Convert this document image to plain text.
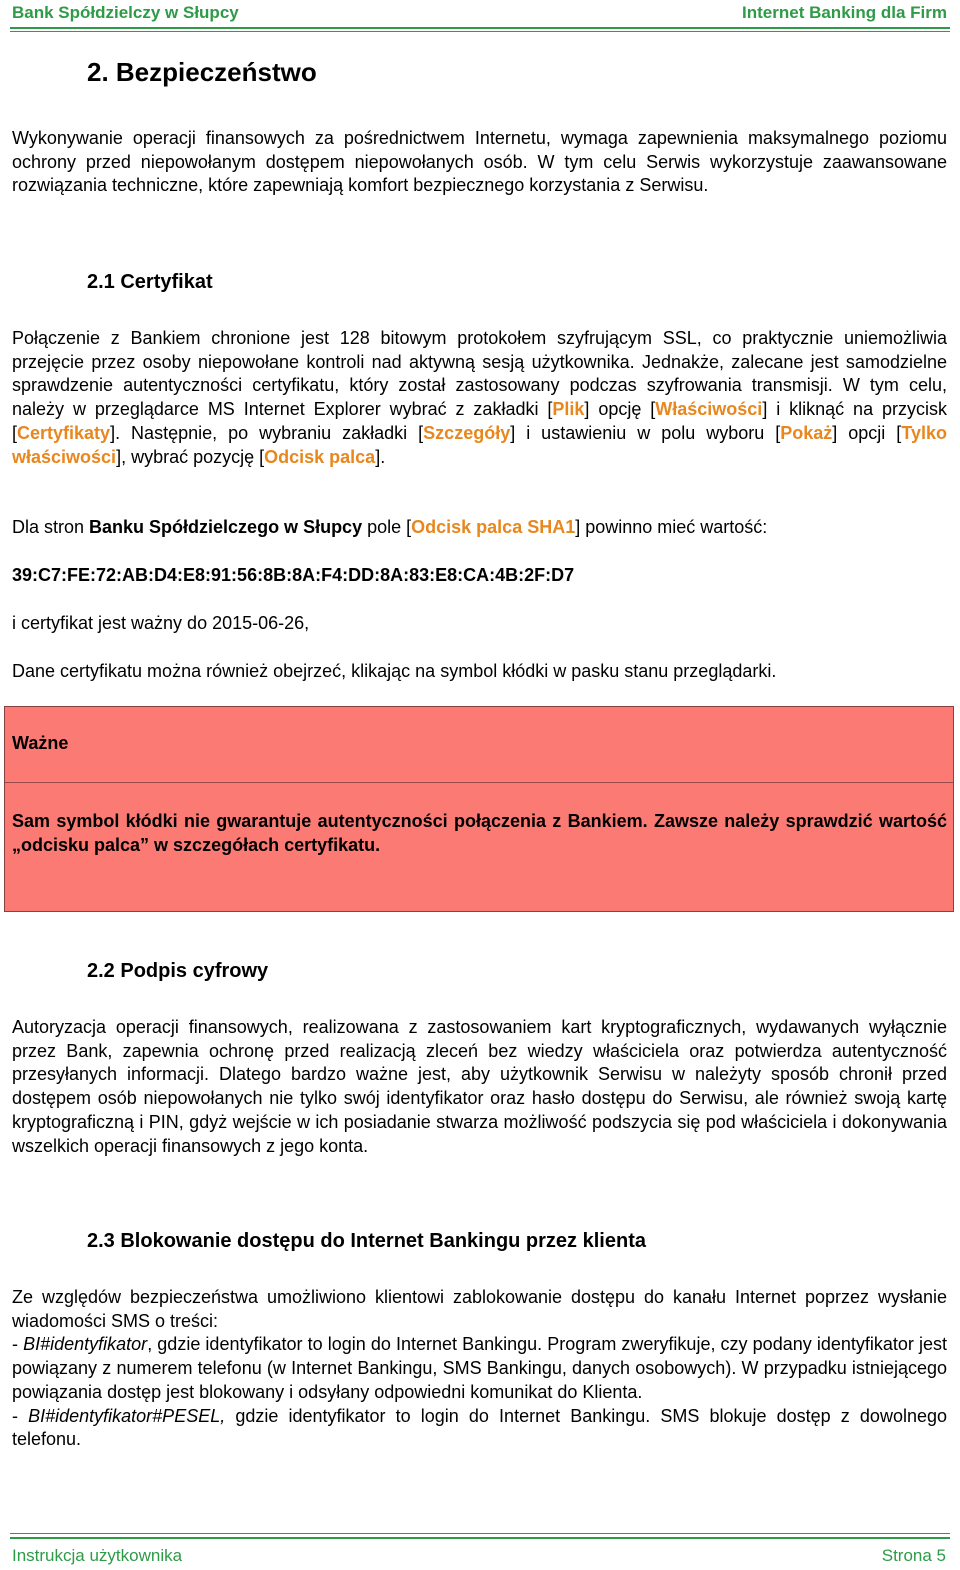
Bank Spółdzielczy w Słupcy	Internet Banking dla Firm
2. Bezpieczeństwo

Wykonywanie operacji finansowych za pośrednictwem Internetu, wymaga zapewnienia maksymalnego poziomu ochrony przed niepowołanym dostępem niepowołanych osób. W tym celu Serwis wykorzystuje zaawansowane rozwiązania techniczne, które zapewniają komfort bezpiecznego korzystania z Serwisu.

2.1 Certyfikat

Połączenie z Bankiem chronione jest 128 bitowym protokołem szyfrującym SSL, co praktycznie uniemożliwia przejęcie przez osoby niepowołane kontroli nad aktywną sesją użytkownika. Jednakże, zalecane jest samodzielne sprawdzenie autentyczności certyfikatu, który został zastosowany podczas szyfrowania transmisji. W tym celu, należy w przeglądarce MS Internet Explorer wybrać z zakładki [Plik] opcję [Właściwości] i kliknąć na przycisk [Certyfikaty]. Następnie, po wybraniu zakładki [Szczegóły] i ustawieniu w polu wyboru [Pokaż] opcji [Tylko właściwości], wybrać pozycję [Odcisk palca].

Dla stron Banku Spółdzielczego w Słupcy pole [Odcisk palca SHA1] powinno mieć wartość:

39:C7:FE:72:AB:D4:E8:91:56:8B:8A:F4:DD:8A:83:E8:CA:4B:2F:D7

i certyfikat jest ważny do 2015-06-26,

Dane certyfikatu można również obejrzeć, klikając na symbol kłódki w pasku stanu przeglądarki.

Ważne

Sam symbol kłódki nie gwarantuje autentyczności połączenia z Bankiem. Zawsze należy sprawdzić wartość „odcisku palca” w szczegółach certyfikatu.

2.2 Podpis cyfrowy

Autoryzacja operacji finansowych, realizowana z zastosowaniem kart kryptograficznych, wydawanych wyłącznie przez Bank, zapewnia ochronę przed realizacją zleceń bez wiedzy właściciela oraz potwierdza autentyczność przesyłanych informacji. Dlatego bardzo ważne jest, aby użytkownik Serwisu w należyty sposób chronił przed dostępem osób niepowołanych nie tylko swój identyfikator oraz hasło dostępu do Serwisu, ale również swoją kartę kryptograficzną i PIN, gdyż wejście w ich posiadanie stwarza możliwość podszycia się pod właściciela i dokonywania wszelkich operacji finansowych z jego konta.

2.3 Blokowanie dostępu do Internet Bankingu przez klienta

Ze względów bezpieczeństwa umożliwiono klientowi zablokowanie dostępu do kanału Internet poprzez wysłanie wiadomości SMS o treści:
- BI#identyfikator, gdzie identyfikator to login do Internet Bankingu. Program zweryfikuje, czy podany identyfikator jest powiązany z numerem telefonu (w Internet Bankingu, SMS Bankingu, danych osobowych). W przypadku istniejącego powiązania dostęp jest blokowany i odsyłany odpowiedni komunikat do Klienta.
- BI#identyfikator#PESEL, gdzie identyfikator to login do Internet Bankingu. SMS blokuje dostęp z dowolnego telefonu.

Instrukcja użytkownika	Strona 5
